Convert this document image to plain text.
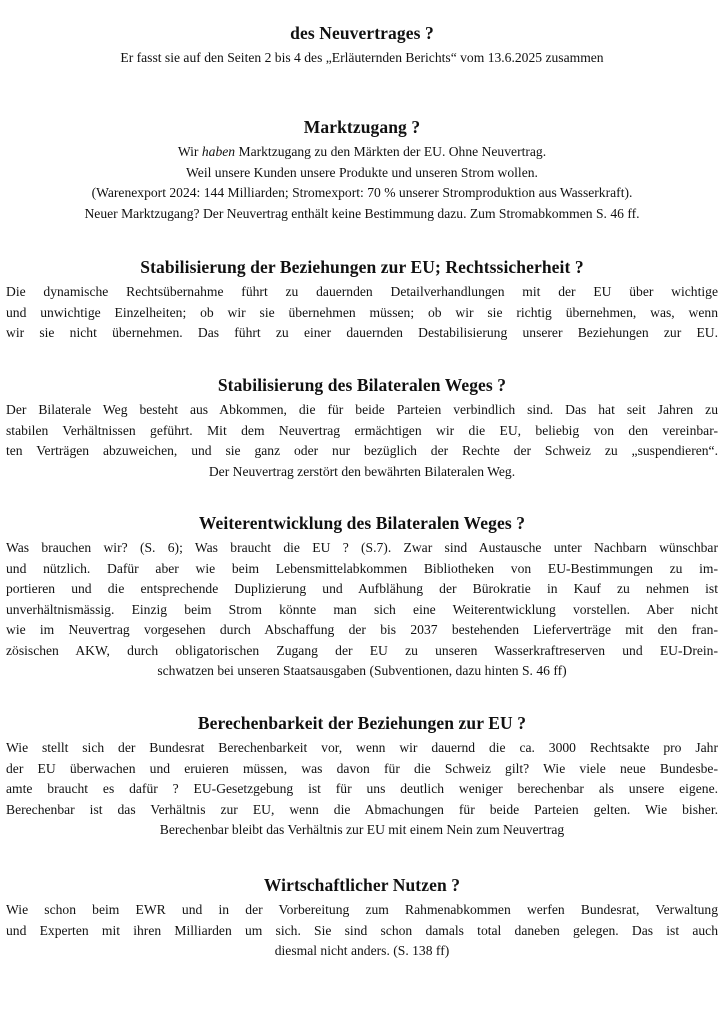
des Neuvertrages ?
Er fasst sie auf den Seiten 2 bis 4 des „Erläuternden Berichts“ vom 13.6.2025 zusammen
Marktzugang ?
Wir haben Marktzugang zu den Märkten der EU. Ohne Neuvertrag.
Weil unsere Kunden unsere Produkte und unseren Strom wollen.
(Warenexport 2024: 144 Milliarden; Stromexport: 70 % unserer Stromproduktion aus Wasserkraft).
Neuer Marktzugang? Der Neuvertrag enthält keine Bestimmung dazu. Zum Stromabkommen S. 46 ff.
Stabilisierung der Beziehungen zur EU; Rechtssicherheit ?
Die dynamische Rechtsübernahme führt zu dauernden Detailverhandlungen mit der EU über wichtige
und unwichtige Einzelheiten; ob wir sie übernehmen müssen; ob wir sie richtig übernehmen, was, wenn
wir sie nicht übernehmen. Das führt zu einer dauernden Destabilisierung unserer Beziehungen zur EU.
Stabilisierung des Bilateralen Weges ?
Der Bilaterale Weg besteht aus Abkommen, die für beide Parteien verbindlich sind. Das hat seit Jahren zu
stabilen Verhältnissen geführt. Mit dem Neuvertrag ermächtigen wir die EU, beliebig von den vereinbar-
ten Verträgen abzuweichen, und sie ganz oder nur bezüglich der Rechte der Schweiz zu „suspendieren“.
Der Neuvertrag zerstört den bewährten Bilateralen Weg.
Weiterentwicklung des Bilateralen Weges ?
Was brauchen wir? (S. 6); Was braucht die EU ? (S.7). Zwar sind Austausche unter Nachbarn wünschbar
und nützlich. Dafür aber wie beim Lebensmittelabkommen Bibliotheken von EU-Bestimmungen zu im-
portieren und die entsprechende Duplizierung und Aufblähung der Bürokratie in Kauf zu nehmen ist
unverhältnismässig. Einzig beim Strom könnte man sich eine Weiterentwicklung vorstellen. Aber nicht
wie im Neuvertrag vorgesehen durch Abschaffung der bis 2037 bestehenden Lieferverträge mit den fran-
zösischen AKW, durch obligatorischen Zugang der EU zu unseren Wasserkraftreserven und EU-Drein-
schwatzen bei unseren Staatsausgaben (Subventionen, dazu hinten S. 46 ff)
Berechenbarkeit der Beziehungen zur EU ?
Wie stellt sich der Bundesrat Berechenbarkeit vor, wenn wir dauernd die ca. 3000 Rechtsakte pro Jahr
der EU überwachen und eruieren müssen, was davon für die Schweiz gilt? Wie viele neue Bundesbe-
amte braucht es dafür ? EU-Gesetzgebung ist für uns deutlich weniger berechenbar als unsere eigene.
Berechenbar ist das Verhältnis zur EU, wenn die Abmachungen für beide Parteien gelten. Wie bisher.
Berechenbar bleibt das Verhältnis zur EU mit einem Nein zum Neuvertrag
Wirtschaftlicher Nutzen ?
Wie schon beim EWR und in der Vorbereitung zum Rahmenabkommen werfen Bundesrat, Verwaltung
und Experten mit ihren Milliarden um sich. Sie sind schon damals total daneben gelegen. Das ist auch
diesmal nicht anders. (S. 138 ff)
